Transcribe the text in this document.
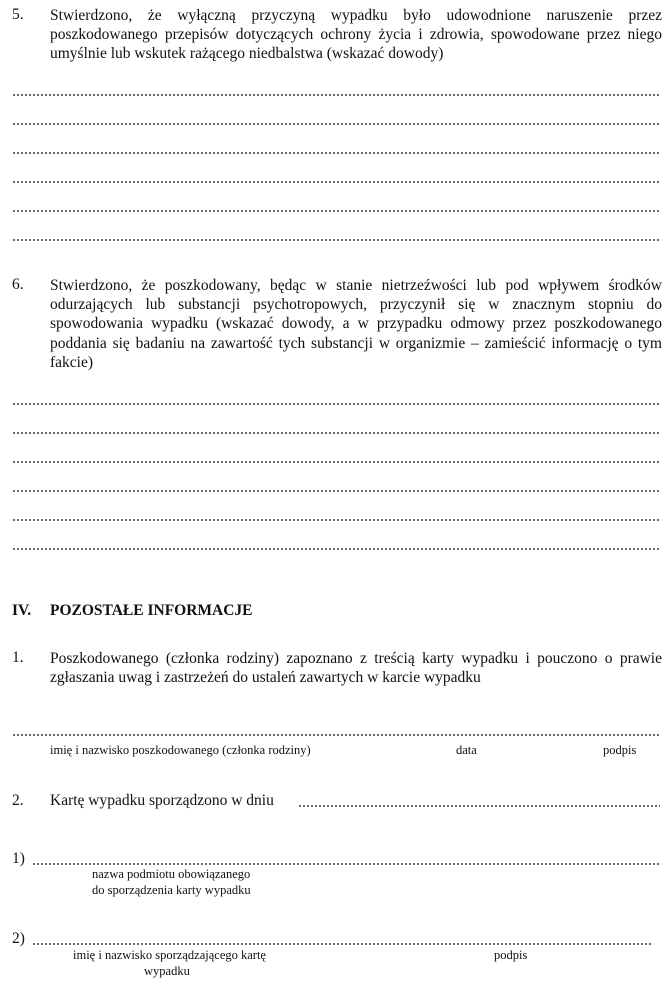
5. Stwierdzono, że wyłączną przyczyną wypadku było udowodnione naruszenie przez poszkodowanego przepisów dotyczących ochrony życia i zdrowia, spowodowane przez niego umyślnie lub wskutek rażącego niedbalstwa (wskazać dowody)
6. Stwierdzono, że poszkodowany, będąc w stanie nietrzeźwości lub pod wpływem środków odurzających lub substancji psychotropowych, przyczynił się w znacznym stopniu do spowodowania wypadku (wskazać dowody, a w przypadku odmowy przez poszkodowanego poddania się badaniu na zawartość tych substancji w organizmie – zamieścić informację o tym fakcie)
IV. POZOSTAŁE INFORMACJE
1. Poszkodowanego (członka rodziny) zapoznano z treścią karty wypadku i pouczono o prawie zgłaszania uwag i zastrzeżeń do ustaleń zawartych w karcie wypadku
imię i nazwisko poszkodowanego (członka rodziny)	data	podpis
2. Kartę wypadku sporządzono w dniu
1)
nazwa podmiotu obowiązanego
do sporządzenia karty wypadku
2)
imię i nazwisko sporządzającego kartę
wypadku
podpis
